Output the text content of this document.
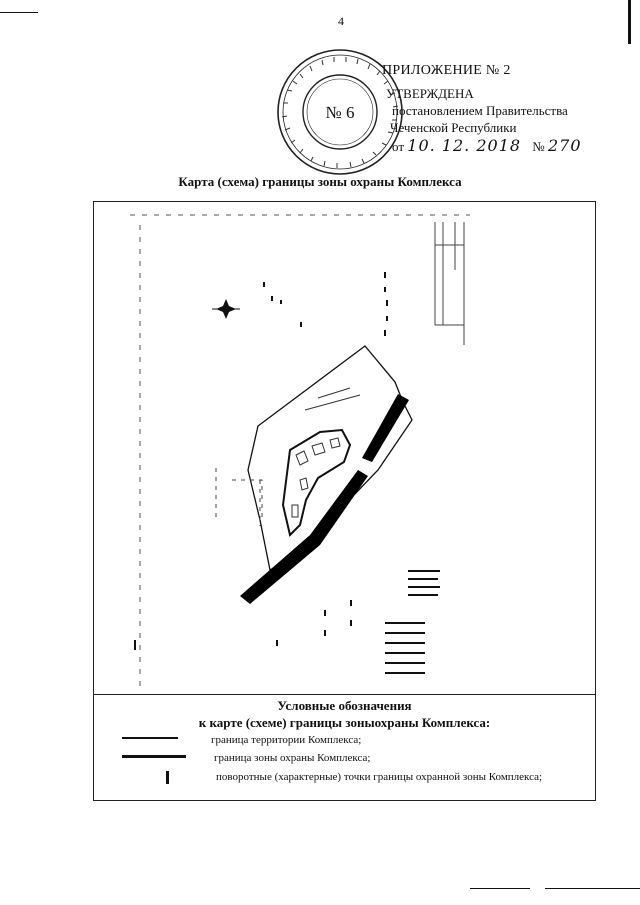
4
№ 6
ПРИЛОЖЕНИЕ № 2
УТВЕРЖДЕНА
постановлением Правительства
Чеченской Республики
от 10. 12. 2018 № 270
Карта (схема) границы зоны охраны Комплекса
Условные обозначения
к карте (схеме) границы зоныохраны Комплекса:
граница территории Комплекса;
граница зоны охраны Комплекса;
поворотные (характерные) точки границы охранной зоны Комплекса;
